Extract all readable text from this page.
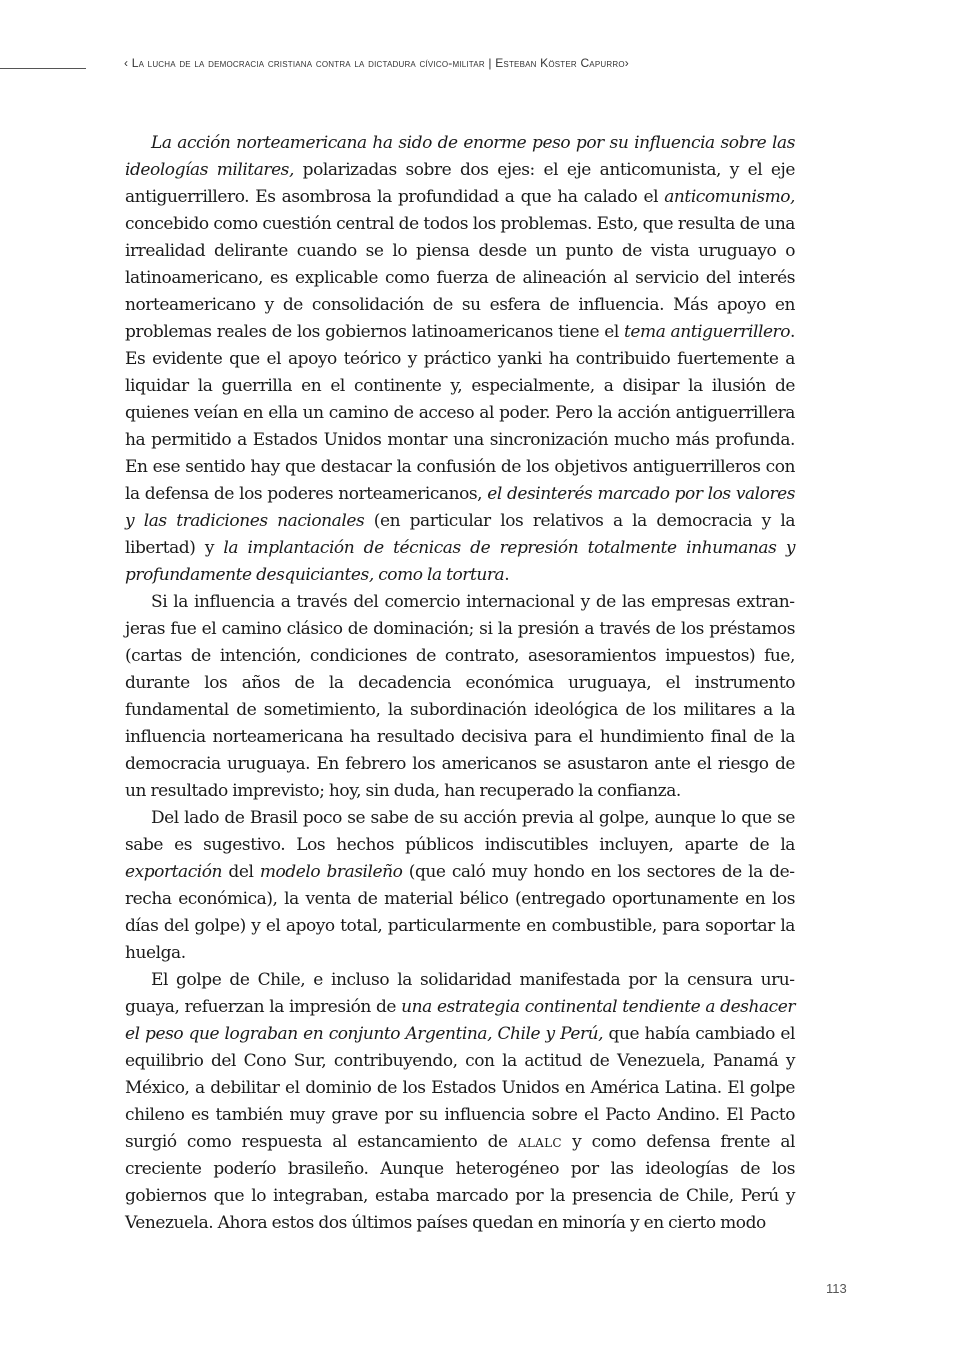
‹ La lucha de la democracia cristiana contra la dictadura cívico-militar | Esteban Köster Capurro›

La acción norteamericana ha sido de enorme peso por su influencia sobre las ideologías militares, polarizadas sobre dos ejes: el eje anticomunista, y el eje antiguerrillero. Es asombrosa la profundidad a que ha calado el anticomunismo, concebido como cuestión central de todos los problemas. Esto, que resulta de una irrealidad delirante cuando se lo piensa desde un punto de vista uruguayo o latinoamericano, es explicable como fuerza de alineación al servicio del interés norteamericano y de consolidación de su esfera de influencia. Más apoyo en problemas reales de los gobiernos latinoamericanos tiene el tema antiguerrillero. Es evidente que el apoyo teórico y práctico yanki ha contribuido fuertemente a liquidar la guerrilla en el continente y, especialmente, a disipar la ilusión de quienes veían en ella un camino de acceso al poder. Pero la acción antiguerrillera ha permitido a Estados Unidos montar una sincronización mucho más profunda. En ese sentido hay que destacar la confusión de los objetivos antiguerrilleros con la defensa de los poderes norteamericanos, el desinterés marcado por los valores y las tradiciones nacionales (en particular los relativos a la democracia y la libertad) y la implantación de técnicas de represión totalmente inhumanas y profundamente desquiciantes, como la tortura.

Si la influencia a través del comercio internacional y de las empresas extranjeras fue el camino clásico de dominación; si la presión a través de los préstamos (cartas de intención, condiciones de contrato, asesoramientos impuestos) fue, durante los años de la decadencia económica uruguaya, el instrumento fundamental de sometimiento, la subordinación ideológica de los militares a la influencia norteamericana ha resultado decisiva para el hundimiento final de la democracia uruguaya. En febrero los americanos se asustaron ante el riesgo de un resultado imprevisto; hoy, sin duda, han recuperado la confianza.

Del lado de Brasil poco se sabe de su acción previa al golpe, aunque lo que se sabe es sugestivo. Los hechos públicos indiscutibles incluyen, aparte de la exportación del modelo brasileño (que caló muy hondo en los sectores de la derecha económica), la venta de material bélico (entregado oportunamente en los días del golpe) y el apoyo total, particularmente en combustible, para soportar la huelga.

El golpe de Chile, e incluso la solidaridad manifestada por la censura uruguaya, refuerzan la impresión de una estrategia continental tendiente a deshacer el peso que lograban en conjunto Argentina, Chile y Perú, que había cambiado el equilibrio del Cono Sur, contribuyendo, con la actitud de Venezuela, Panamá y México, a debilitar el dominio de los Estados Unidos en América Latina. El golpe chileno es también muy grave por su influencia sobre el Pacto Andino. El Pacto surgió como respuesta al estancamiento de alalc y como defensa frente al creciente poderío brasileño. Aunque heterogéneo por las ideologías de los gobiernos que lo integraban, estaba marcado por la presencia de Chile, Perú y Venezuela. Ahora estos dos últimos países quedan en minoría y en cierto modo

113
